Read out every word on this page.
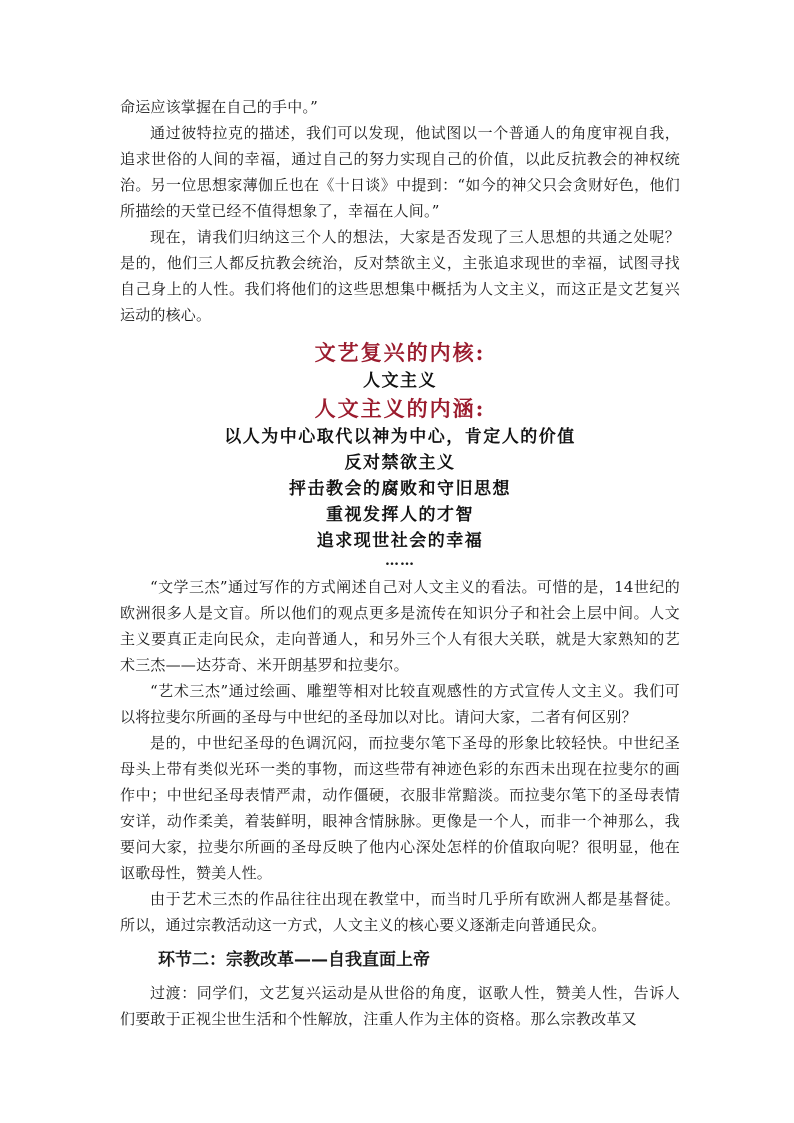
命运应该掌握在自己的手中。”

通过彼特拉克的描述，我们可以发现，他试图以一个普通人的角度审视自我，追求世俗的人间的幸福，通过自己的努力实现自己的价值，以此反抗教会的神权统治。另一位思想家薄伽丘也在《十日谈》中提到：“如今的神父只会贪财好色，他们所描绘的天堂已经不值得想象了，幸福在人间。”

现在，请我们归纳这三个人的想法，大家是否发现了三人思想的共通之处呢？是的，他们三人都反抗教会统治，反对禁欲主义，主张追求现世的幸福，试图寻找自己身上的人性。我们将他们的这些思想集中概括为人文主义，而这正是文艺复兴运动的核心。

文艺复兴的内核:
人文主义
人文主义的内涵:
以人为中心取代以神为中心，肯定人的价值
反对禁欲主义
抨击教会的腐败和守旧思想
重视发挥人的才智
追求现世社会的幸福
……

“文学三杰”通过写作的方式阐述自己对人文主义的看法。可惜的是，14世纪的欧洲很多人是文盲。所以他们的观点更多是流传在知识分子和社会上层中间。人文主义要真正走向民众，走向普通人，和另外三个人有很大关联，就是大家熟知的艺术三杰——达芬奇、米开朗基罗和拉斐尔。

“艺术三杰”通过绘画、雕塑等相对比较直观感性的方式宣传人文主义。我们可以将拉斐尔所画的圣母与中世纪的圣母加以对比。请问大家，二者有何区别？

是的，中世纪圣母的色调沉闷，而拉斐尔笔下圣母的形象比较轻快。中世纪圣母头上带有类似光环一类的事物，而这些带有神迹色彩的东西未出现在拉斐尔的画作中；中世纪圣母表情严肃，动作僵硬，衣服非常黯淡。而拉斐尔笔下的圣母表情安详，动作柔美，着装鲜明，眼神含情脉脉。更像是一个人，而非一个神那么，我要问大家，拉斐尔所画的圣母反映了他内心深处怎样的价值取向呢？很明显，他在讴歌母性，赞美人性。

由于艺术三杰的作品往往出现在教堂中，而当时几乎所有欧洲人都是基督徒。所以，通过宗教活动这一方式，人文主义的核心要义逐渐走向普通民众。

环节二：宗教改革——自我直面上帝

过渡：同学们，文艺复兴运动是从世俗的角度，讴歌人性，赞美人性，告诉人们要敢于正视尘世生活和个性解放，注重人作为主体的资格。那么宗教改革又
